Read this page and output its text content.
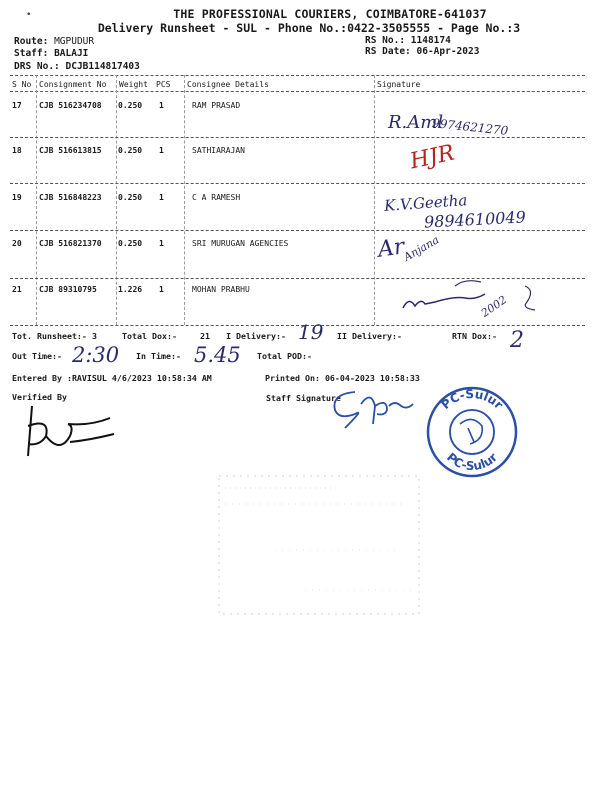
•	THE PROFESSIONAL COURIERS, COIMBATORE-641037
Delivery Runsheet - SUL - Phone No.:0422-3505555 - Page No.:3
Route: MGPUDUR
Staff: BALAJI
DRS No.: DCJB114817403
RS No.: 1148174
RS Date: 06-Apr-2023
S No Consignment No Weight PCS Consignee Details	Signature
17 CJB 516234708 0.250 1	RAM PRASAD
R.Aml
9974621270
18 CJB 516613815 0.250 1	SATHIARAJAN	HJR
19 CJB 516848223 0.250 1	C A RAMESH	K.V.Geetha
9894610049
20 CJB 516821370 0.250 1	SRI MURUGAN AGENCIES	Ar
Anjana
21 CJB 89310795	1.226 1	MOHAN PRABHU
2002
Tot. Runsheet:- 3	Total Dox:-	21 I Delivery:- 19 II Delivery:-	RTN Dox:- 2
Out Time:- 2:30 In Time:- 5.45 Total POD:-
Entered By :RAVISUL 4/6/2023 10:58:34 AM	Printed On: 06-04-2023 10:58:33
Verified By	Staff Signature	PC-Sulur
PC-Sulur
